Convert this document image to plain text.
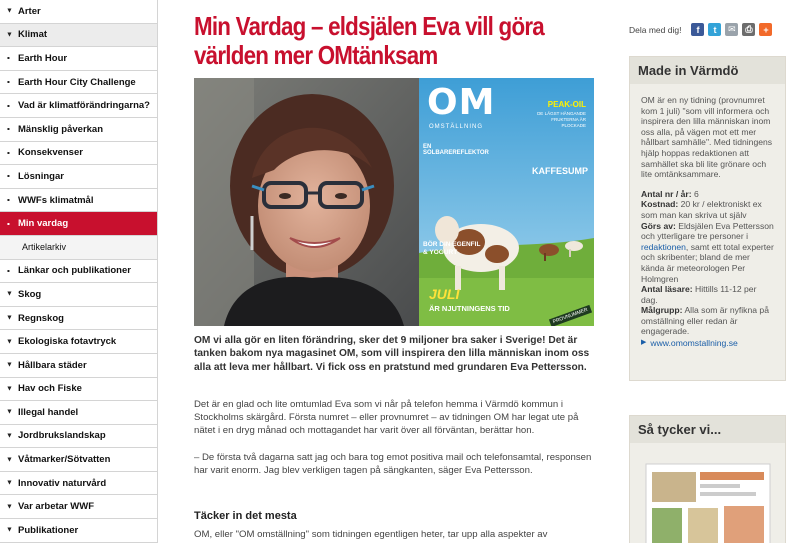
▼ Arter
▼ Klimat
▪ Earth Hour
▪ Earth Hour City Challenge
▪ Vad är klimatförändringarna?
▪ Mänsklig påverkan
▪ Konsekvenser
▪ Lösningar
▪ WWFs klimatmål
▪ Min vardag
Artikelarkiv
▪ Länkar och publikationer
▼ Skog
▼ Regnskog
▼ Ekologiska fotavtryck
▼ Hållbara städer
▼ Hav och Fiske
▼ Illegal handel
▼ Jordbrukslandskap
▼ Våtmarker/Sötvatten
▼ Innovativ naturvård
▼ Var arbetar WWF
▼ Publikationer
Min Vardag – eldsjälen Eva vill göra världen mer OMtänksam
OM
OMSTÄLLNING
PEAK-OIL
DE LÄGST HÄNGANDE FRUKTERNA ÄR PLOCKADE
EN SOLBAREREFLEKTOR
KAFFESUMP
BÖR DIN EGENFIL & YOGURT
JULI
ÄR NJUTNINGENS TID	PROVNUMMER

OM vi alla gör en liten förändring, sker det 9 miljoner bra saker i Sverige! Det är tanken bakom nya magasinet OM, som vill inspirera den lilla människan inom oss alla att leva mer hållbart. Vi fick oss en pratstund med grundaren Eva Pettersson.

Det är en glad och lite omtumlad Eva som vi når på telefon hemma i Värmdö kommun i Stockholms skärgård. Första numret – eller provnumret – av tidningen OM har legat ute på nätet i en dryg månad och mottagandet har varit över all förväntan, berättar hon.

– De första två dagarna satt jag och bara tog emot positiva mail och telefonsamtal, responsen har varit enorm. Jag blev verkligen tagen på sängkanten, säger Eva Pettersson.

Täcker in det mesta

OM, eller "OM omställning" som tidningen egentligen heter, tar upp alla aspekter av

Dela med dig!	f	t	✉	⎙	+
Made in Värmdö

OM är en ny tidning (provnumret kom 1 juli) "som vill informera och inspirera den lilla människan inom oss alla, på vägen mot ett mer hållbart samhälle". Med tidningens hjälp hoppas redaktionen att samhället ska bli lite grönare och lite omtänksammare.

Antal nr / år: 6

Kostnad: 20 kr / elektroniskt ex som man kan skriva ut själv

Görs av: Eldsjälen Eva Pettersson och ytterligare tre personer i redaktionen, samt ett total experter och skribenter; bland de mer kända är meteorologen Per Holmgren

Antal läsare: Hittills 11-12 per dag.

Målgrupp: Alla som är nyfikna på omställning eller redan är engagerade.

▶ www.omomstallning.se

Så tycker vi...
